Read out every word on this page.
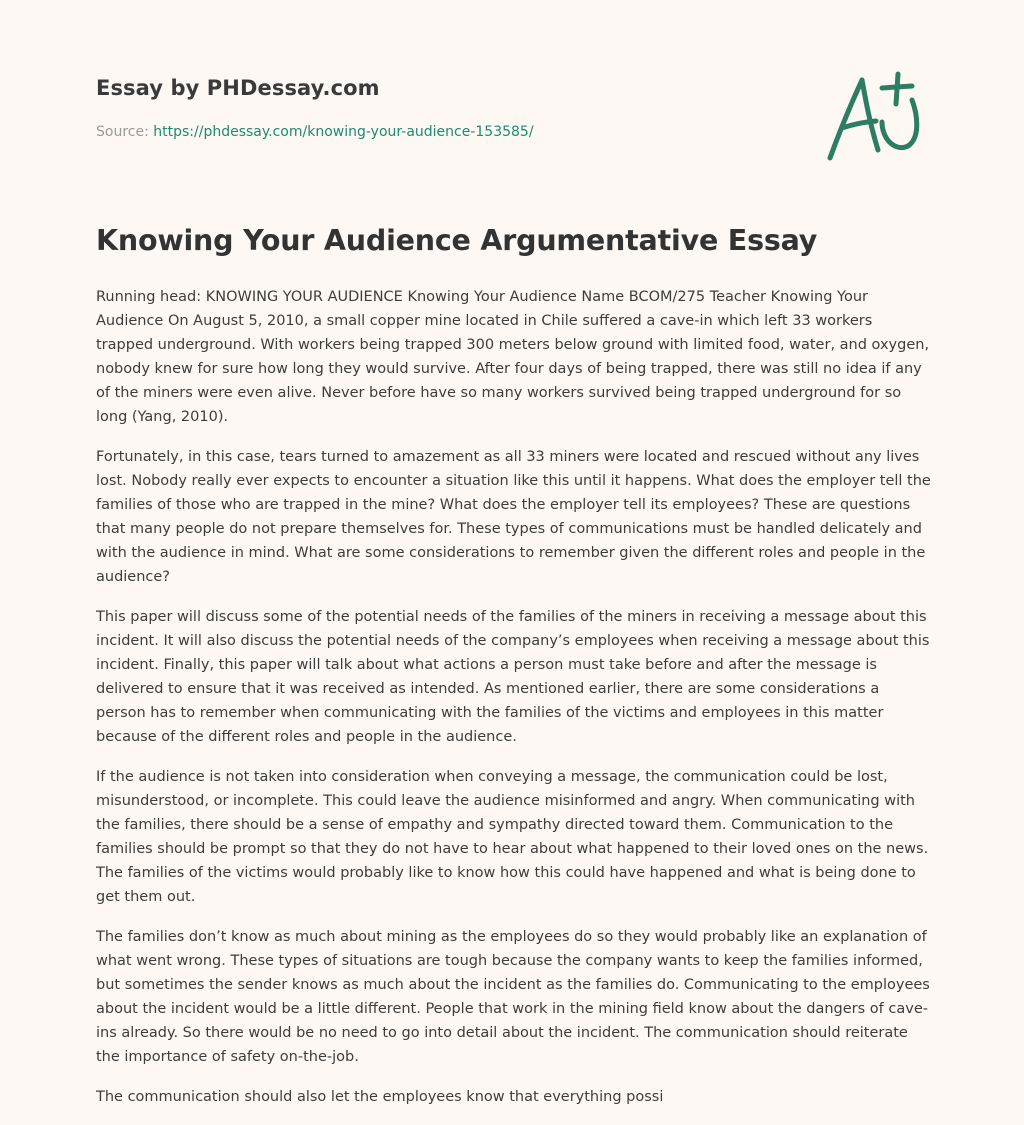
Essay by PHDessay.com

Source: https://phdessay.com/knowing-your-audience-153585/

Knowing Your Audience Argumentative Essay

Running head: KNOWING YOUR AUDIENCE Knowing Your Audience Name BCOM/275 Teacher Knowing Your Audience On August 5, 2010, a small copper mine located in Chile suffered a cave-in which left 33 workers trapped underground. With workers being trapped 300 meters below ground with limited food, water, and oxygen, nobody knew for sure how long they would survive. After four days of being trapped, there was still no idea if any of the miners were even alive. Never before have so many workers survived being trapped underground for so long (Yang, 2010).

Fortunately, in this case, tears turned to amazement as all 33 miners were located and rescued without any lives lost. Nobody really ever expects to encounter a situation like this until it happens. What does the employer tell the families of those who are trapped in the mine? What does the employer tell its employees? These are questions that many people do not prepare themselves for. These types of communications must be handled delicately and with the audience in mind. What are some considerations to remember given the different roles and people in the audience?

This paper will discuss some of the potential needs of the families of the miners in receiving a message about this incident. It will also discuss the potential needs of the company’s employees when receiving a message about this incident. Finally, this paper will talk about what actions a person must take before and after the message is delivered to ensure that it was received as intended. As mentioned earlier, there are some considerations a person has to remember when communicating with the families of the victims and employees in this matter because of the different roles and people in the audience.

If the audience is not taken into consideration when conveying a message, the communication could be lost, misunderstood, or incomplete. This could leave the audience misinformed and angry. When communicating with the families, there should be a sense of empathy and sympathy directed toward them. Communication to the families should be prompt so that they do not have to hear about what happened to their loved ones on the news. The families of the victims would probably like to know how this could have happened and what is being done to get them out.

The families don’t know as much about mining as the employees do so they would probably like an explanation of what went wrong. These types of situations are tough because the company wants to keep the families informed, but sometimes the sender knows as much about the incident as the families do. Communicating to the employees about the incident would be a little different. People that work in the mining field know about the dangers of cave-ins already. So there would be no need to go into detail about the incident. The communication should reiterate the importance of safety on-the-job.

The communication should also let the employees know that everything possi
